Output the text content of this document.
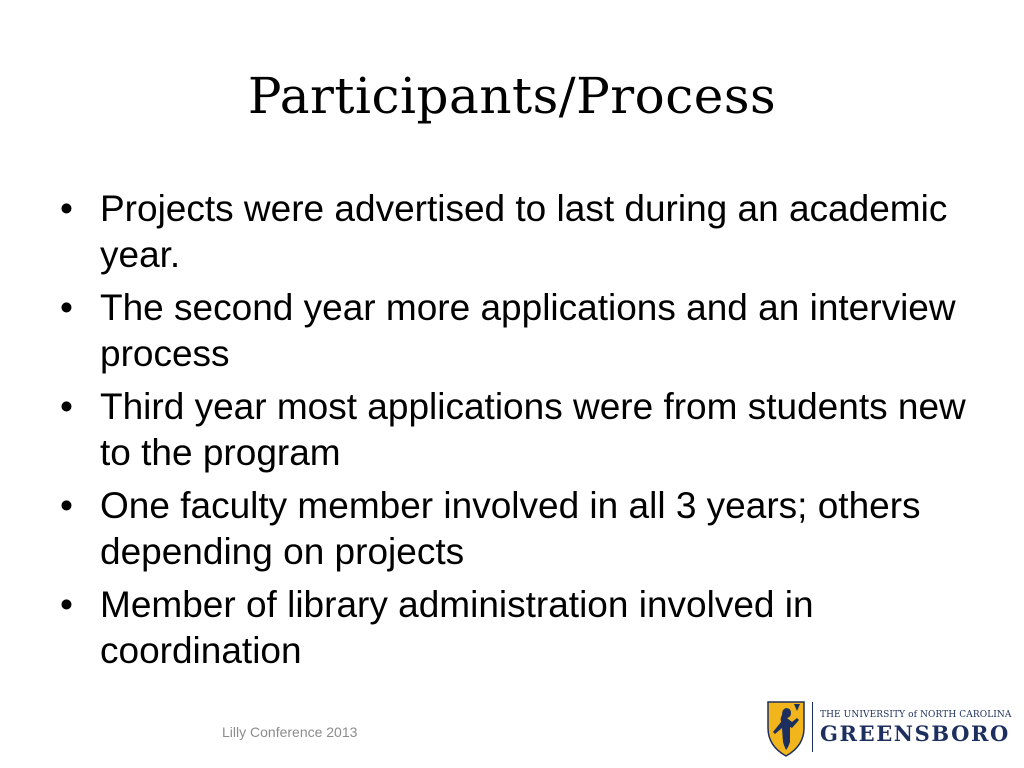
Participants/Process
• Projects were advertised to last during an academic year.
• The second year more applications and an interview process
• Third year most applications were from students new to the program
• One faculty member involved in all 3 years; others depending on projects
• Member of library administration involved in coordination
Lilly Conference 2013
THE UNIVERSITY of NORTH CAROLINA
GREENSBORO
